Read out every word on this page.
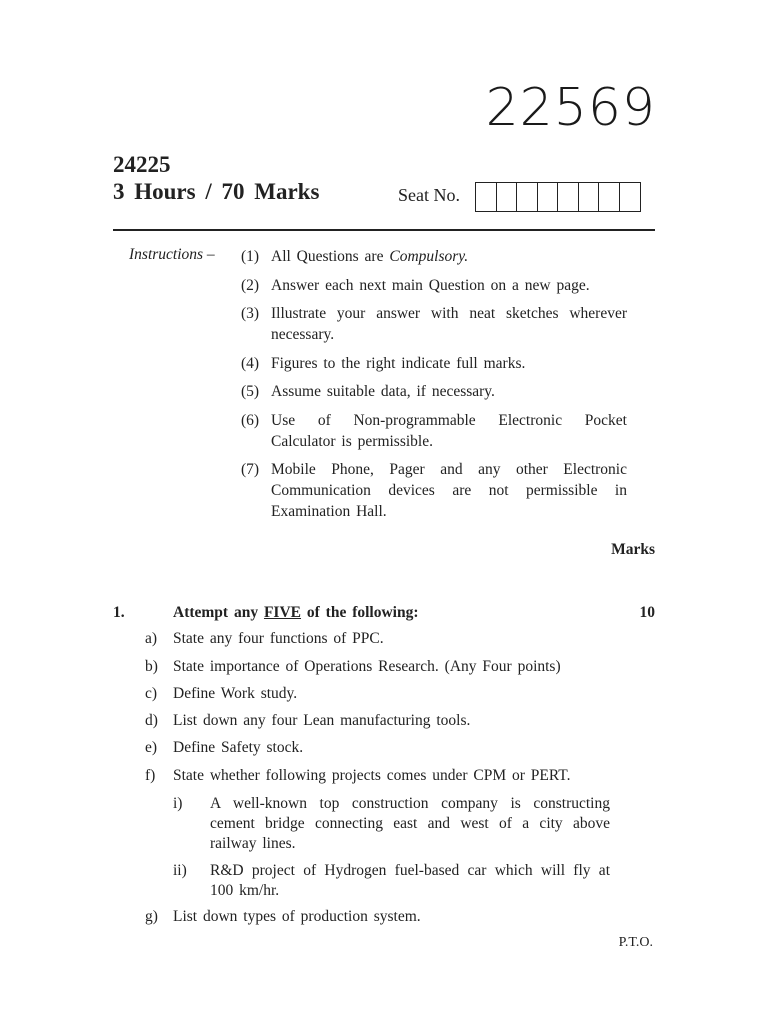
22569
24225
3 Hours / 70 Marks	Seat No.
Instructions – (1) All Questions are Compulsory.
(2) Answer each next main Question on a new page.
(3) Illustrate your answer with neat sketches wherever necessary.
(4) Figures to the right indicate full marks.
(5) Assume suitable data, if necessary.
(6) Use of Non-programmable Electronic Pocket Calculator is permissible.
(7) Mobile Phone, Pager and any other Electronic Communication devices are not permissible in Examination Hall.
Marks
1.	Attempt any FIVE of the following:	10
a) State any four functions of PPC.
b) State importance of Operations Research. (Any Four points)
c) Define Work study.
d) List down any four Lean manufacturing tools.
e) Define Safety stock.
f) State whether following projects comes under CPM or PERT.
i) A well-known top construction company is constructing cement bridge connecting east and west of a city above railway lines.
ii) R&D project of Hydrogen fuel-based car which will fly at 100 km/hr.
g) List down types of production system.
P.T.O.
